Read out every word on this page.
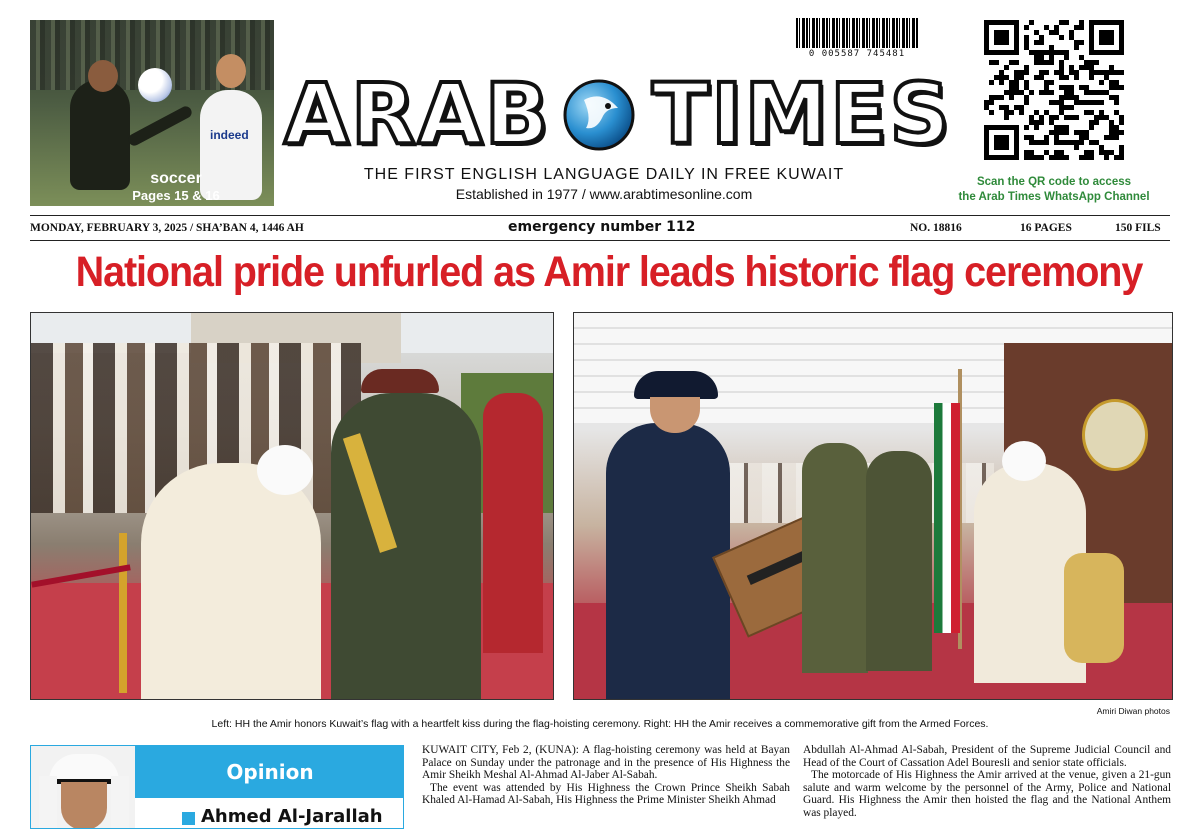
indeed
soccer
Pages 15 & 16
0 005587 745481
ARAB TIMES
THE FIRST ENGLISH LANGUAGE DAILY IN FREE KUWAIT
Established in 1977 / www.arabtimesonline.com
Scan the QR code to access
the Arab Times WhatsApp Channel
MONDAY, FEBRUARY 3, 2025 / SHA’BAN 4, 1446 AH	emergency number 112	NO. 18816	16 PAGES	150 FILS
National pride unfurled as Amir leads historic flag ceremony
Amiri Diwan photos
Left: HH the Amir honors Kuwait’s flag with a heartfelt kiss during the flag-hoisting ceremony. Right: HH the Amir receives a commemorative gift from the Armed Forces.
Opinion
Ahmed Al-Jarallah

KUWAIT CITY, Feb 2, (KUNA): A flag-hoisting ceremony was held at Bayan Palace on Sunday under the patronage and in the presence of His Highness the Amir Sheikh Meshal Al-Ahmad Al-Jaber Al-Sabah.

The event was attended by His Highness the Crown Prince Sheikh Sabah Khaled Al-Hamad Al-Sabah, His Highness the Prime Minister Sheikh Ahmad

Abdullah Al-Ahmad Al-Sabah, President of the Supreme Judicial Council and Head of the Court of Cassation Adel Bouresli and senior state officials.

The motorcade of His Highness the Amir arrived at the venue, given a 21-gun salute and warm welcome by the personnel of the Army, Police and National Guard. His Highness the Amir then hoisted the flag and the National Anthem was played.
